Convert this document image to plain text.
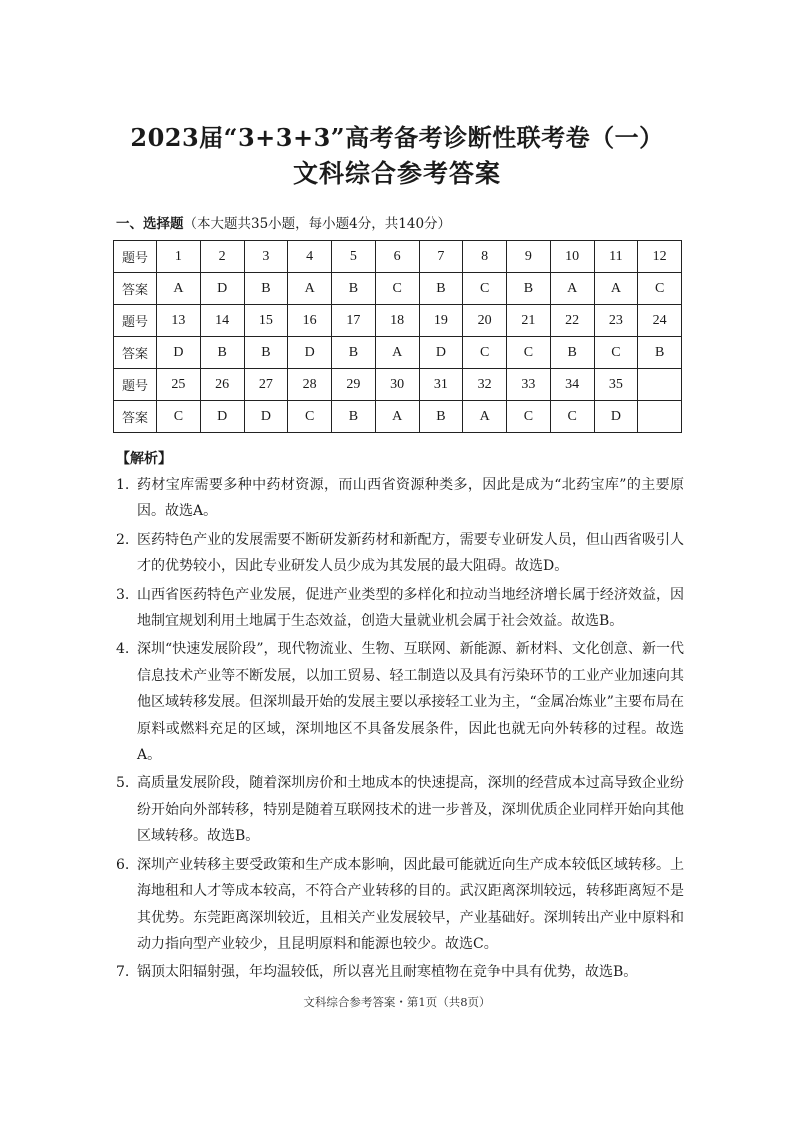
2023届“3+3+3”高考备考诊断性联考卷（一）
文科综合参考答案
一、选择题（本大题共35小题，每小题4分，共140分）
题号	1	2	3	4	5	6	7	8	9	10	11	12
答案	A	D	B	A	B	C	B	C	B	A	A	C
题号	13	14	15	16	17	18	19	20	21	22	23	24
答案	D	B	B	D	B	A	D	C	C	B	C	B
题号	25	26	27	28	29	30	31	32	33	34	35	
答案	C	D	D	C	B	A	B	A	C	C	D	
【解析】
1. 药材宝库需要多种中药材资源，而山西省资源种类多，因此是成为“北药宝库”的主要原因。故选A。
2. 医药特色产业的发展需要不断研发新药材和新配方，需要专业研发人员，但山西省吸引人才的优势较小，因此专业研发人员少成为其发展的最大阻碍。故选D。
3. 山西省医药特色产业发展，促进产业类型的多样化和拉动当地经济增长属于经济效益，因地制宜规划利用土地属于生态效益，创造大量就业机会属于社会效益。故选B。
4. 深圳“快速发展阶段”，现代物流业、生物、互联网、新能源、新材料、文化创意、新一代信息技术产业等不断发展，以加工贸易、轻工制造以及具有污染环节的工业产业加速向其他区域转移发展。但深圳最开始的发展主要以承接轻工业为主，“金属冶炼业”主要布局在原料或燃料充足的区域，深圳地区不具备发展条件，因此也就无向外转移的过程。故选A。
5. 高质量发展阶段，随着深圳房价和土地成本的快速提高，深圳的经营成本过高导致企业纷纷开始向外部转移，特别是随着互联网技术的进一步普及，深圳优质企业同样开始向其他区域转移。故选B。
6. 深圳产业转移主要受政策和生产成本影响，因此最可能就近向生产成本较低区域转移。上海地租和人才等成本较高，不符合产业转移的目的。武汉距离深圳较远，转移距离短不是其优势。东莞距离深圳较近，且相关产业发展较早，产业基础好。深圳转出产业中原料和动力指向型产业较少，且昆明原料和能源也较少。故选C。
7. 锅顶太阳辐射强，年均温较低，所以喜光且耐寒植物在竞争中具有优势，故选B。
文科综合参考答案・第1页（共8页）
